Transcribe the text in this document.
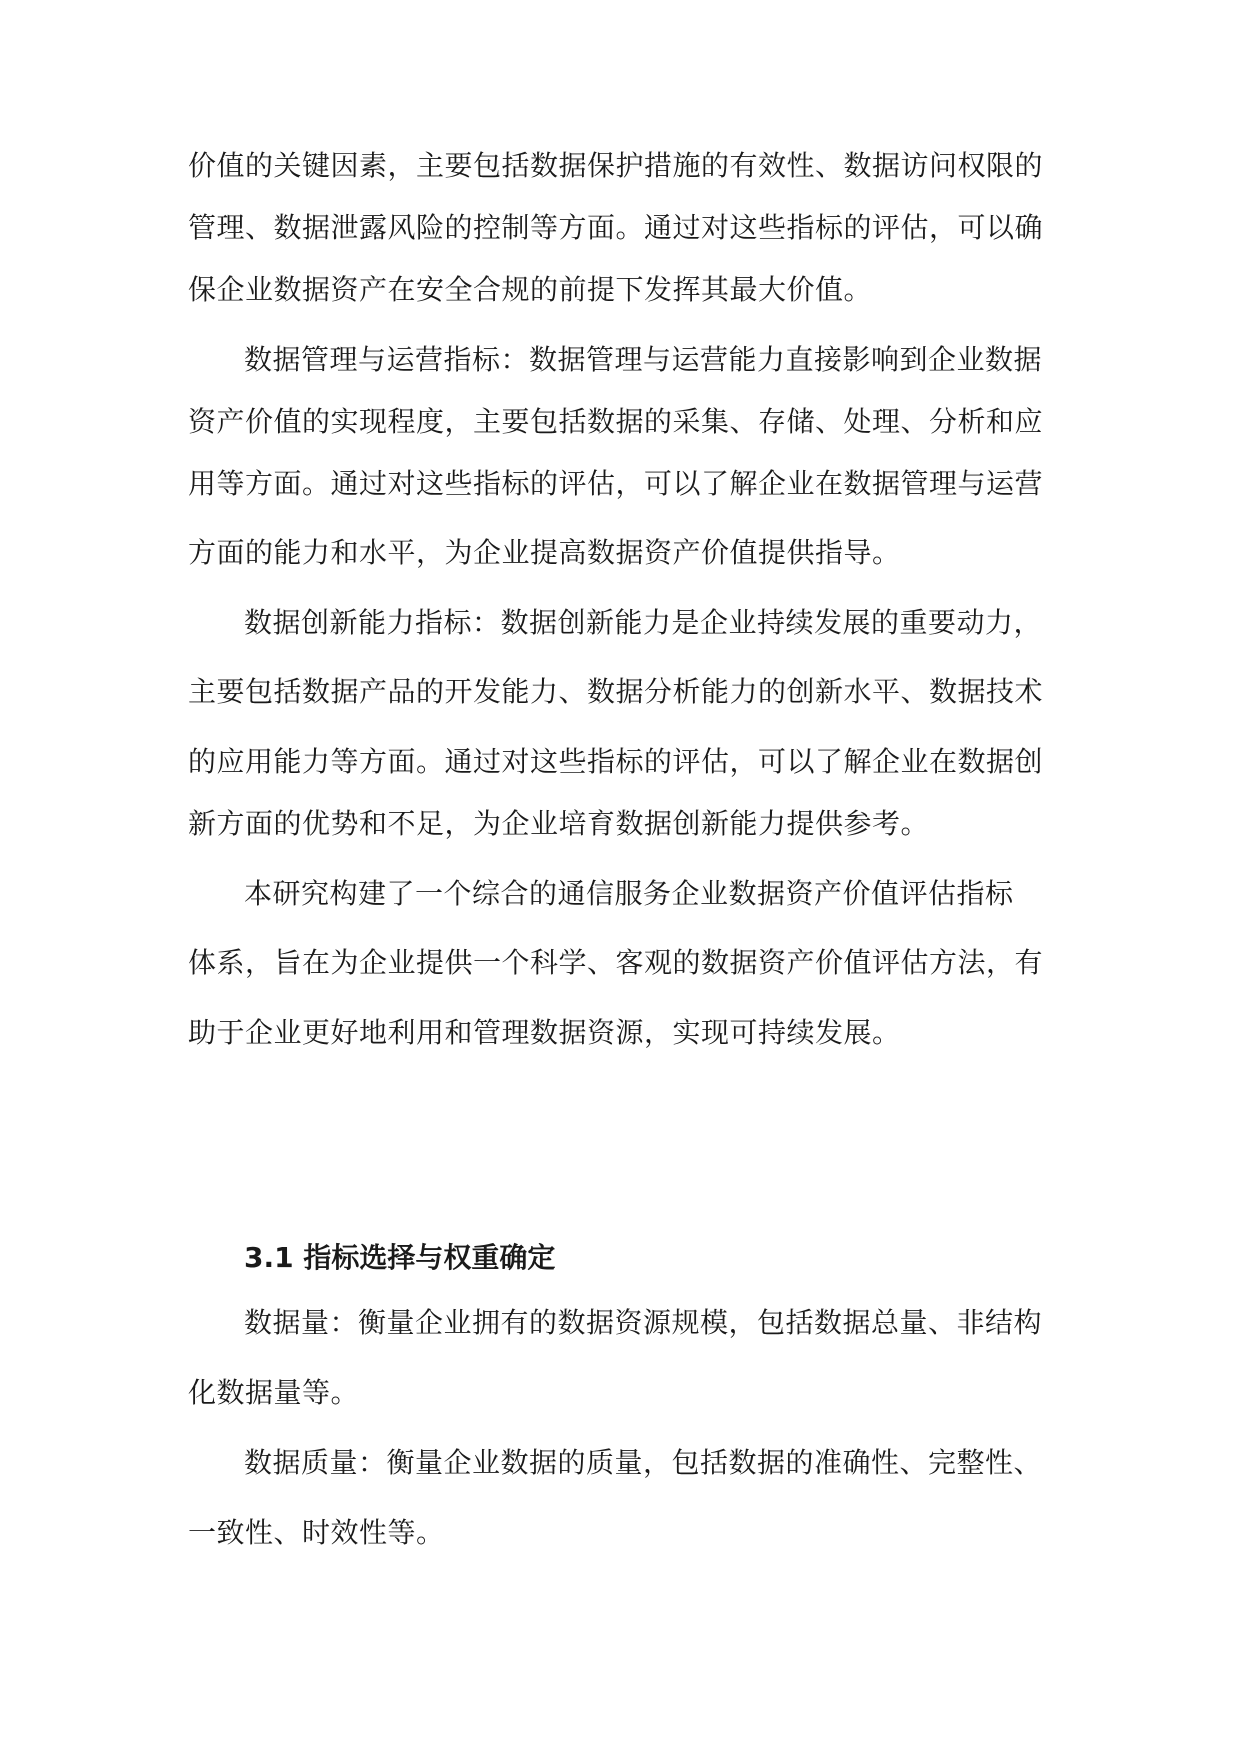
价值的关键因素，主要包括数据保护措施的有效性、数据访问权限的
管理、数据泄露风险的控制等方面。通过对这些指标的评估，可以确
保企业数据资产在安全合规的前提下发挥其最大价值。
数据管理与运营指标：数据管理与运营能力直接影响到企业数据
资产价值的实现程度，主要包括数据的采集、存储、处理、分析和应
用等方面。通过对这些指标的评估，可以了解企业在数据管理与运营
方面的能力和水平，为企业提高数据资产价值提供指导。
数据创新能力指标：数据创新能力是企业持续发展的重要动力，
主要包括数据产品的开发能力、数据分析能力的创新水平、数据技术
的应用能力等方面。通过对这些指标的评估，可以了解企业在数据创
新方面的优势和不足，为企业培育数据创新能力提供参考。
本研究构建了一个综合的通信服务企业数据资产价值评估指标
体系，旨在为企业提供一个科学、客观的数据资产价值评估方法，有
助于企业更好地利用和管理数据资源，实现可持续发展。
3.1 指标选择与权重确定
数据量：衡量企业拥有的数据资源规模，包括数据总量、非结构
化数据量等。
数据质量：衡量企业数据的质量，包括数据的准确性、完整性、
一致性、时效性等。
